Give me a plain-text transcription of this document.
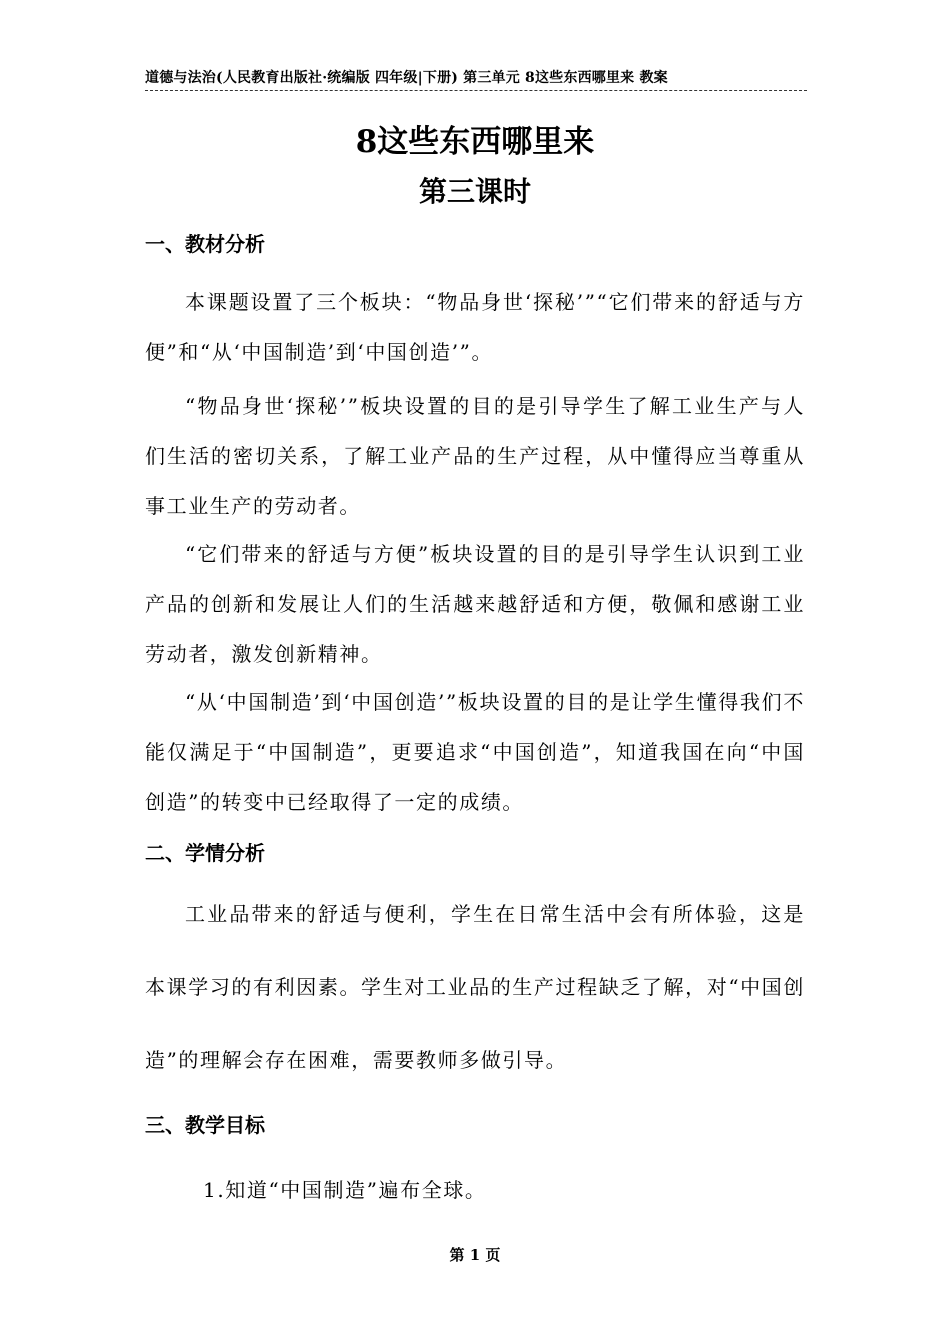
道德与法治(人民教育出版社·统编版 四年级|下册) 第三单元 8这些东西哪里来 教案
8这些东西哪里来
第三课时
一、教材分析

本课题设置了三个板块：“物品身世‘探秘’”“它们带来的舒适与方便”和“从‘中国制造’到‘中国创造’”。

“物品身世‘探秘’”板块设置的目的是引导学生了解工业生产与人们生活的密切关系，了解工业产品的生产过程，从中懂得应当尊重从事工业生产的劳动者。

“它们带来的舒适与方便”板块设置的目的是引导学生认识到工业产品的创新和发展让人们的生活越来越舒适和方便，敬佩和感谢工业劳动者，激发创新精神。

“从‘中国制造’到‘中国创造’”板块设置的目的是让学生懂得我们不能仅满足于“中国制造”，更要追求“中国创造”，知道我国在向“中国创造”的转变中已经取得了一定的成绩。

二、学情分析

工业品带来的舒适与便利，学生在日常生活中会有所体验，这是本课学习的有利因素。学生对工业品的生产过程缺乏了解，对“中国创造”的理解会存在困难，需要教师多做引导。

三、教学目标
1.知道“中国制造”遍布全球。
第 1 页
